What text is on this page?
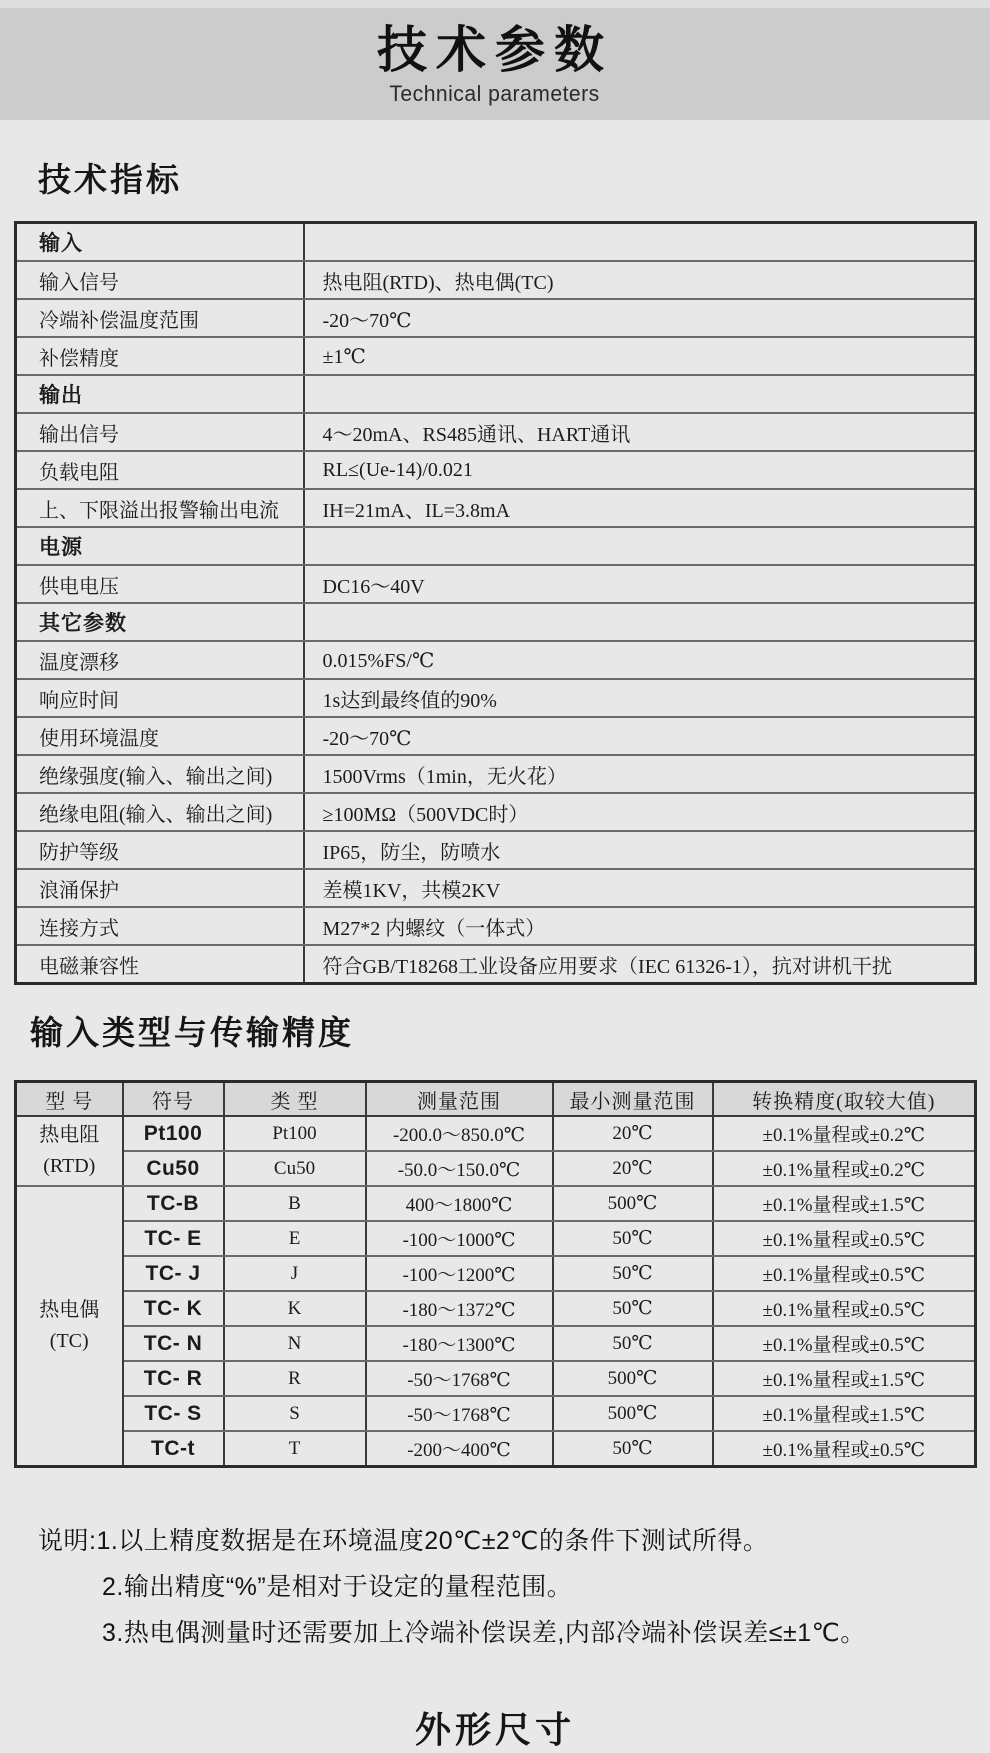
技术参数
Technical parameters
技术指标
输入	
输入信号	热电阻(RTD)、热电偶(TC)
冷端补偿温度范围	-20～70℃
补偿精度	±1℃
输出	
输出信号	4～20mA、RS485通讯、HART通讯
负载电阻	RL≤(Ue-14)/0.021
上、下限溢出报警输出电流	IH=21mA、IL=3.8mA
电源	
供电电压	DC16～40V
其它参数	
温度漂移	0.015%FS/℃
响应时间	1s达到最终值的90%
使用环境温度	-20～70℃
绝缘强度(输入、输出之间)	1500Vrms（1min，无火花）
绝缘电阻(输入、输出之间)	≥100MΩ（500VDC时）
防护等级	IP65，防尘，防喷水
浪涌保护	差模1KV，共模2KV
连接方式	M27*2 内螺纹（一体式）
电磁兼容性	符合GB/T18268工业设备应用要求（IEC 61326-1），抗对讲机干扰
输入类型与传输精度
型 号	符号	类 型	测量范围	最小测量范围	转换精度(取较大值)

热电阻
(RTD)	Pt100	Pt100	-200.0～850.0℃	20℃	±0.1%量程或±0.2℃
	Cu50	Cu50	-50.0～150.0℃	20℃	±0.1%量程或±0.2℃

热电偶
(TC)	TC-B	B	400～1800℃	500℃	±0.1%量程或±1.5℃
	TC- E	E	-100～1000℃	50℃	±0.1%量程或±0.5℃
	TC- J	J	-100～1200℃	50℃	±0.1%量程或±0.5℃
	TC- K	K	-180～1372℃	50℃	±0.1%量程或±0.5℃
	TC- N	N	-180～1300℃	50℃	±0.1%量程或±0.5℃
	TC- R	R	-50～1768℃	500℃	±0.1%量程或±1.5℃
	TC- S	S	-50～1768℃	500℃	±0.1%量程或±1.5℃
	TC-t	T	-200～400℃	50℃	±0.1%量程或±0.5℃
说明:1.以上精度数据是在环境温度20℃±2℃的条件下测试所得。
2.输出精度“%”是相对于设定的量程范围。
3.热电偶测量时还需要加上冷端补偿误差,内部冷端补偿误差≤±1℃。
外形尺寸
